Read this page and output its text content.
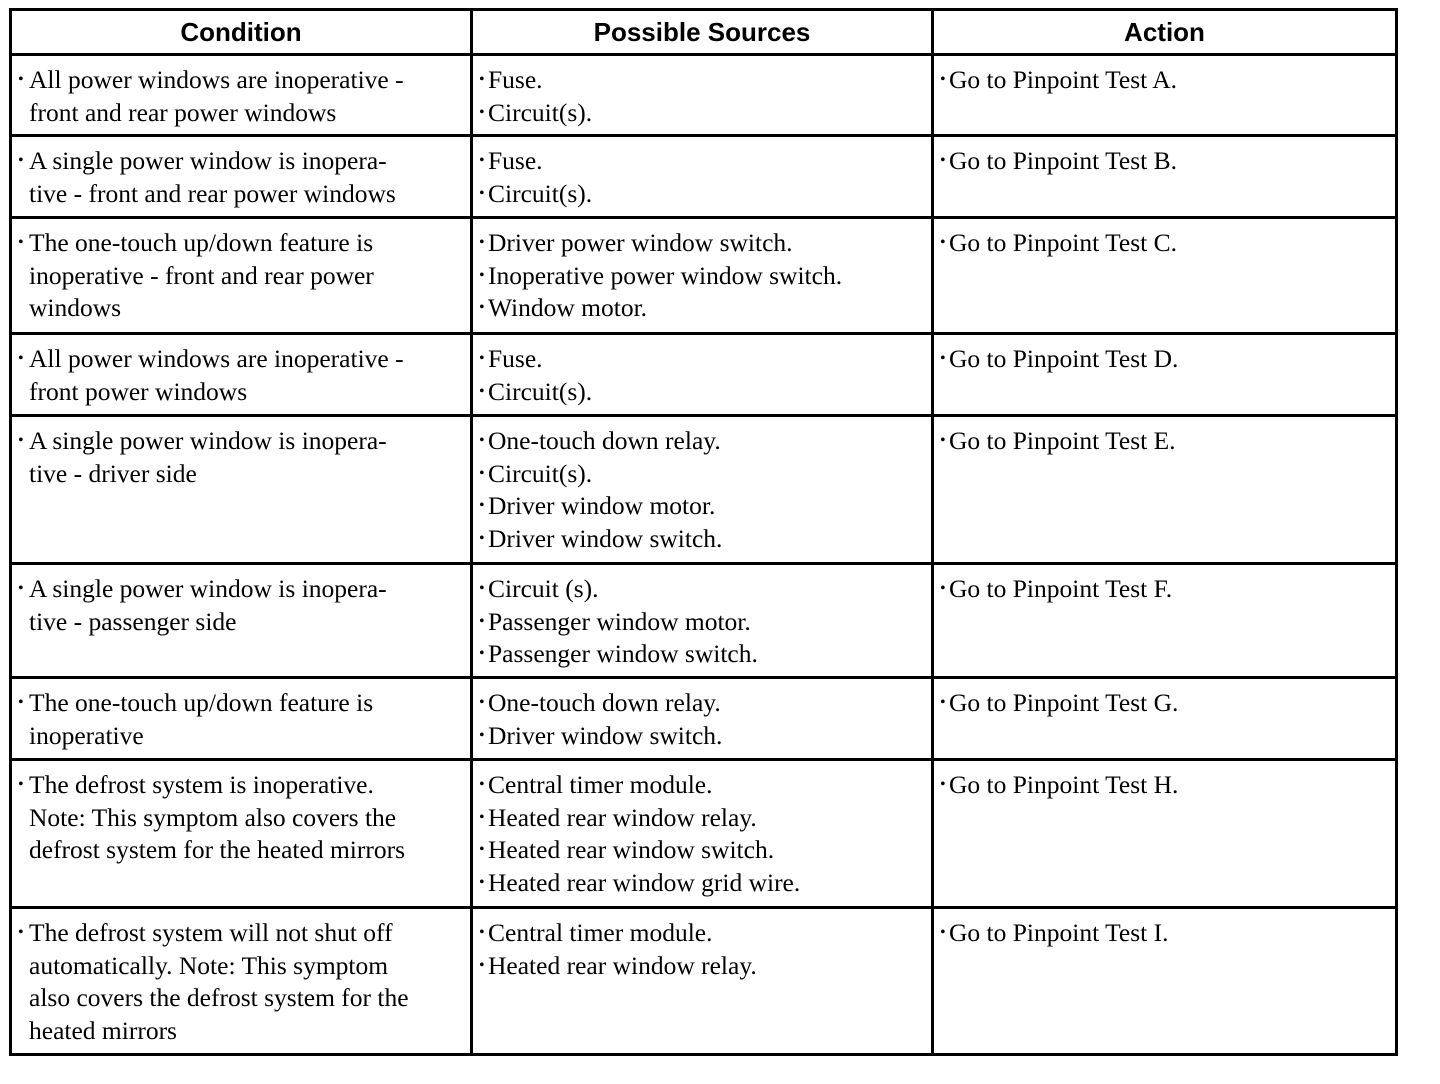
Condition	Possible Sources	Action

• All power windows are inoperative -
front and rear power windows	• Fuse.
• Circuit(s).	• Go to Pinpoint Test A.

• A single power window is inopera-
tive - front and rear power windows	• Fuse.
• Circuit(s).	• Go to Pinpoint Test B.

• The one-touch up/down feature is
inoperative - front and rear power
windows	• Driver power window switch.
• Inoperative power window switch.
• Window motor.	• Go to Pinpoint Test C.

• All power windows are inoperative -
front power windows	• Fuse.
• Circuit(s).	• Go to Pinpoint Test D.

• A single power window is inopera-
tive - driver side	• One-touch down relay.
• Circuit(s).
• Driver window motor.
• Driver window switch.	• Go to Pinpoint Test E.

• A single power window is inopera-
tive - passenger side	• Circuit (s).
• Passenger window motor.
• Passenger window switch.	• Go to Pinpoint Test F.

• The one-touch up/down feature is
inoperative	• One-touch down relay.
• Driver window switch.	• Go to Pinpoint Test G.

• The defrost system is inoperative.
Note: This symptom also covers the
defrost system for the heated mirrors	• Central timer module.
• Heated rear window relay.
• Heated rear window switch.
• Heated rear window grid wire.	• Go to Pinpoint Test H.

• The defrost system will not shut off
automatically. Note: This symptom
also covers the defrost system for the
heated mirrors	• Central timer module.
• Heated rear window relay.	• Go to Pinpoint Test I.
